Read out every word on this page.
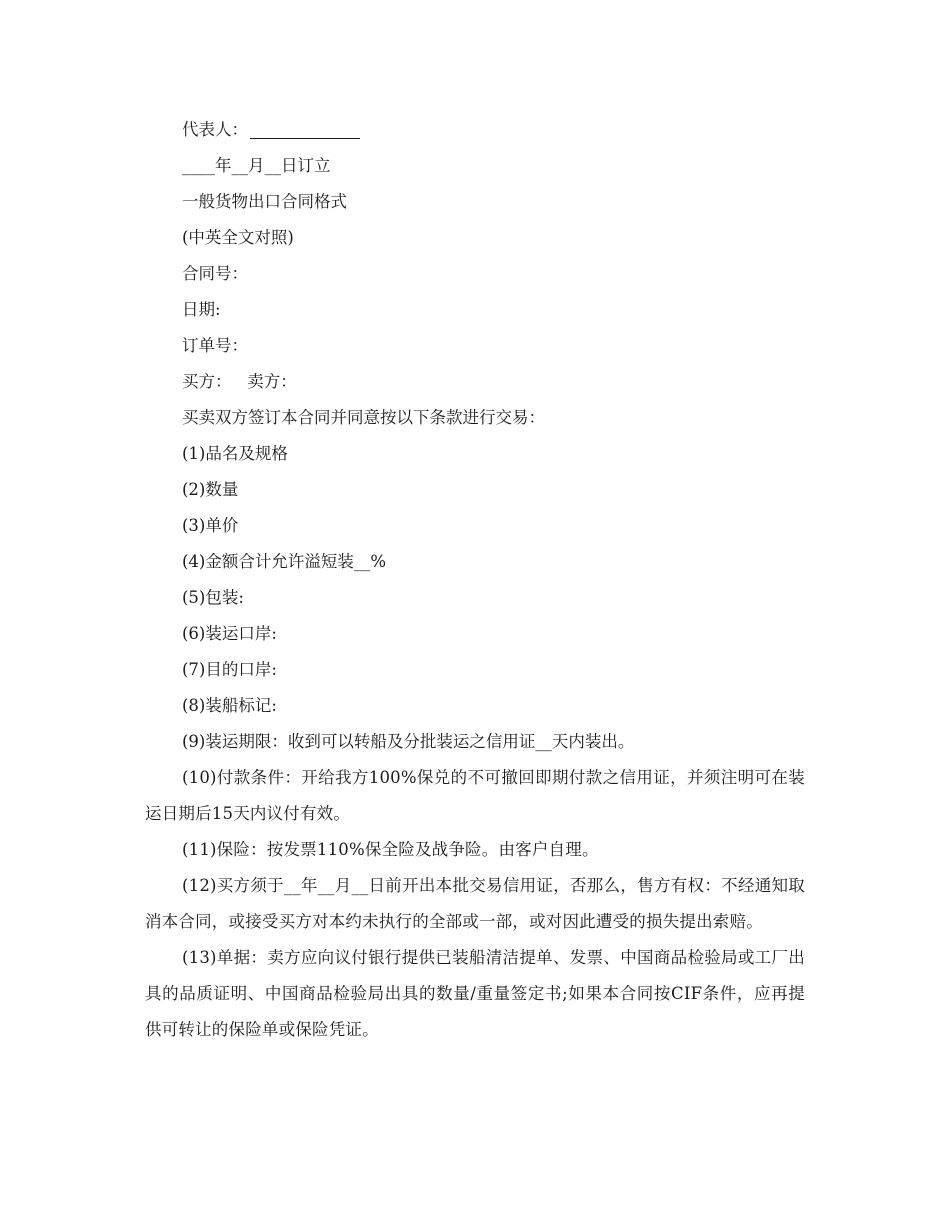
代表人：

____年__月__日订立

一般货物出口合同格式

(中英全文对照)

合同号：

日期:

订单号：

买方：   卖方：

买卖双方签订本合同并同意按以下条款进行交易：

(1)品名及规格

(2)数量

(3)单价

(4)金额合计允许溢短装__%

(5)包装:

(6)装运口岸:

(7)目的口岸:

(8)装船标记:

(9)装运期限：收到可以转船及分批装运之信用证__天内装出。

(10)付款条件：开给我方100%保兑的不可撤回即期付款之信用证，并须注明可在装运日期后15天内议付有效。

(11)保险：按发票110%保全险及战争险。由客户自理。

(12)买方须于__年__月__日前开出本批交易信用证，否那么，售方有权：不经通知取消本合同，或接受买方对本约未执行的全部或一部，或对因此遭受的损失提出索赔。

(13)单据：卖方应向议付银行提供已装船清洁提单、发票、中国商品检验局或工厂出具的品质证明、中国商品检验局出具的数量/重量签定书;如果本合同按CIF条件，应再提供可转让的保险单或保险凭证。
